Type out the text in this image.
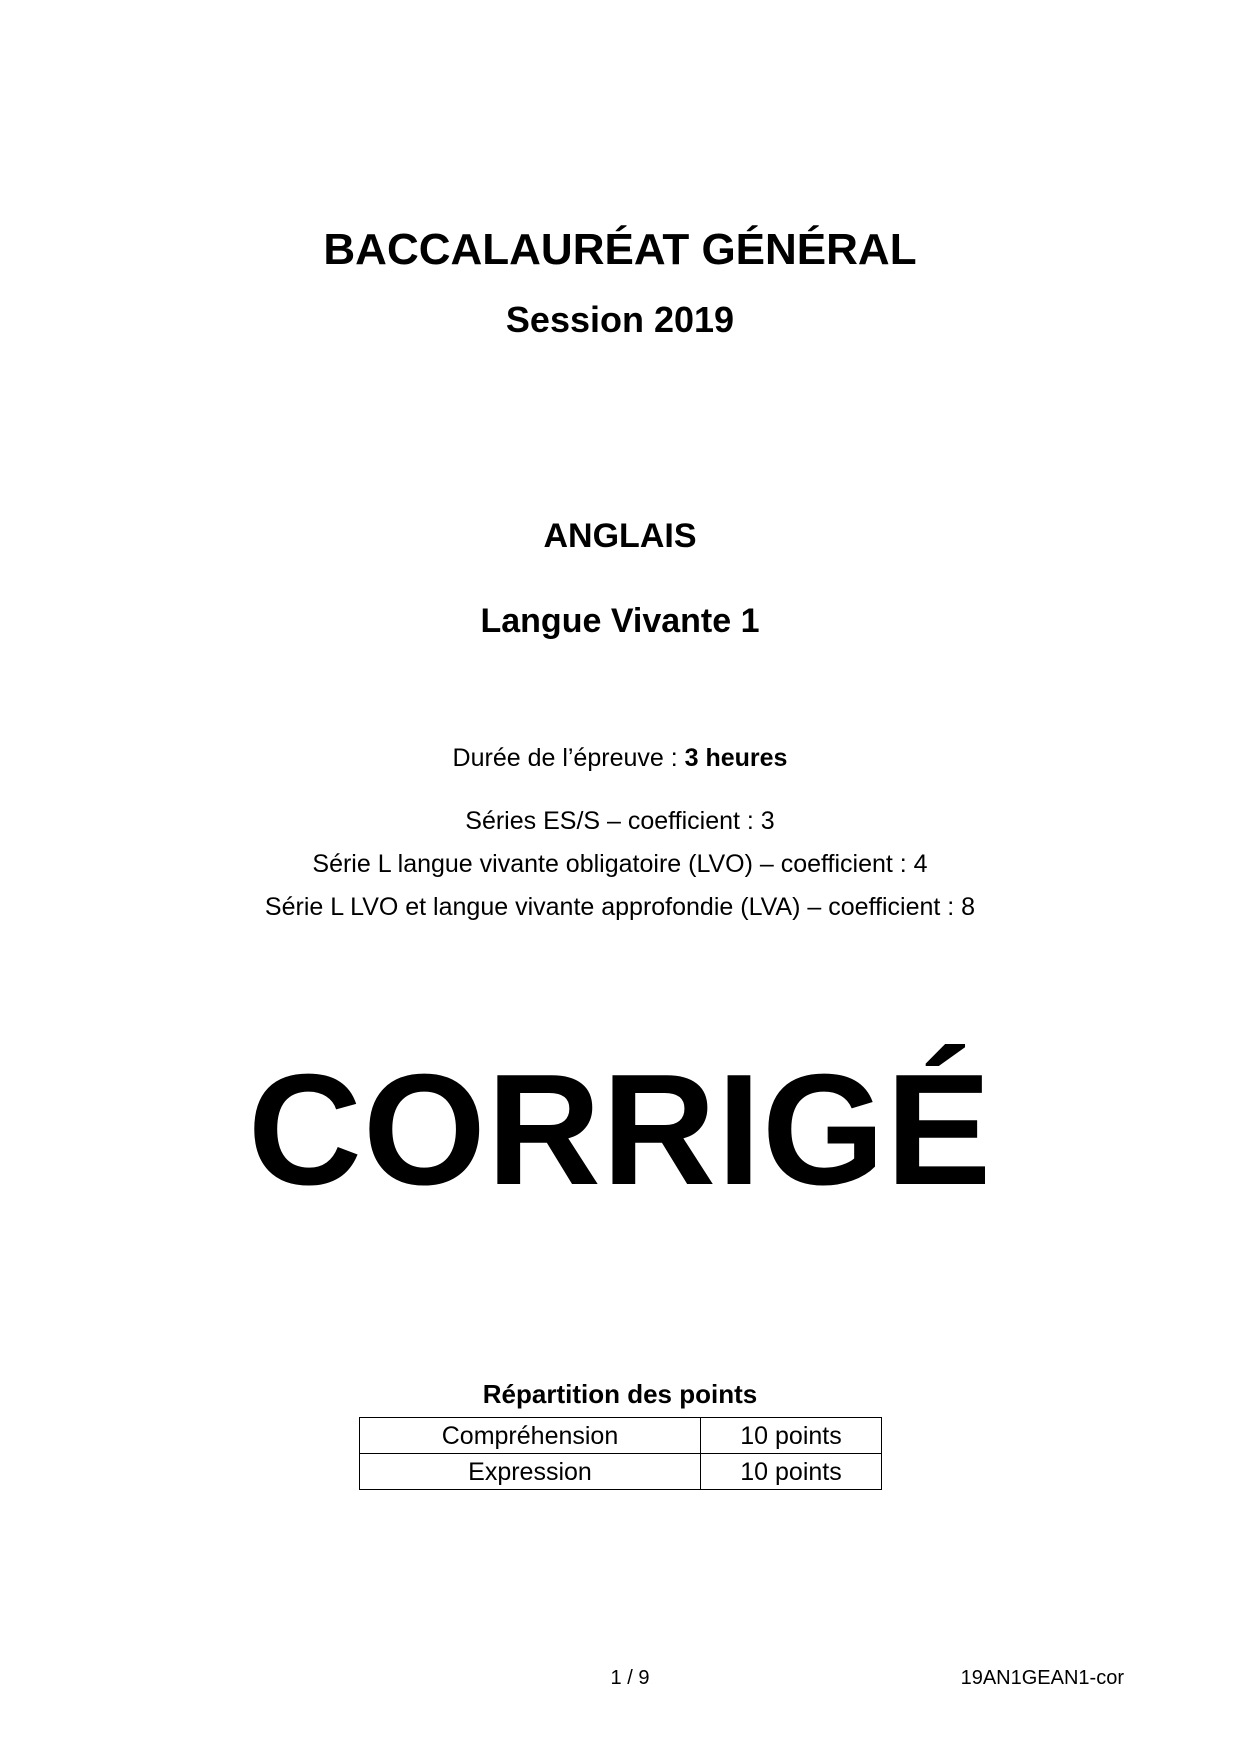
BACCALAURÉAT GÉNÉRAL
Session 2019
ANGLAIS
Langue Vivante 1
Durée de l’épreuve : 3 heures
Séries ES/S – coefficient : 3
Série L langue vivante obligatoire (LVO) – coefficient : 4
Série L LVO et langue vivante approfondie (LVA) – coefficient : 8
CORRIGÉ
Répartition des points
Compréhension	10 points
Expression	10 points
1 / 9	19AN1GEAN1-cor
